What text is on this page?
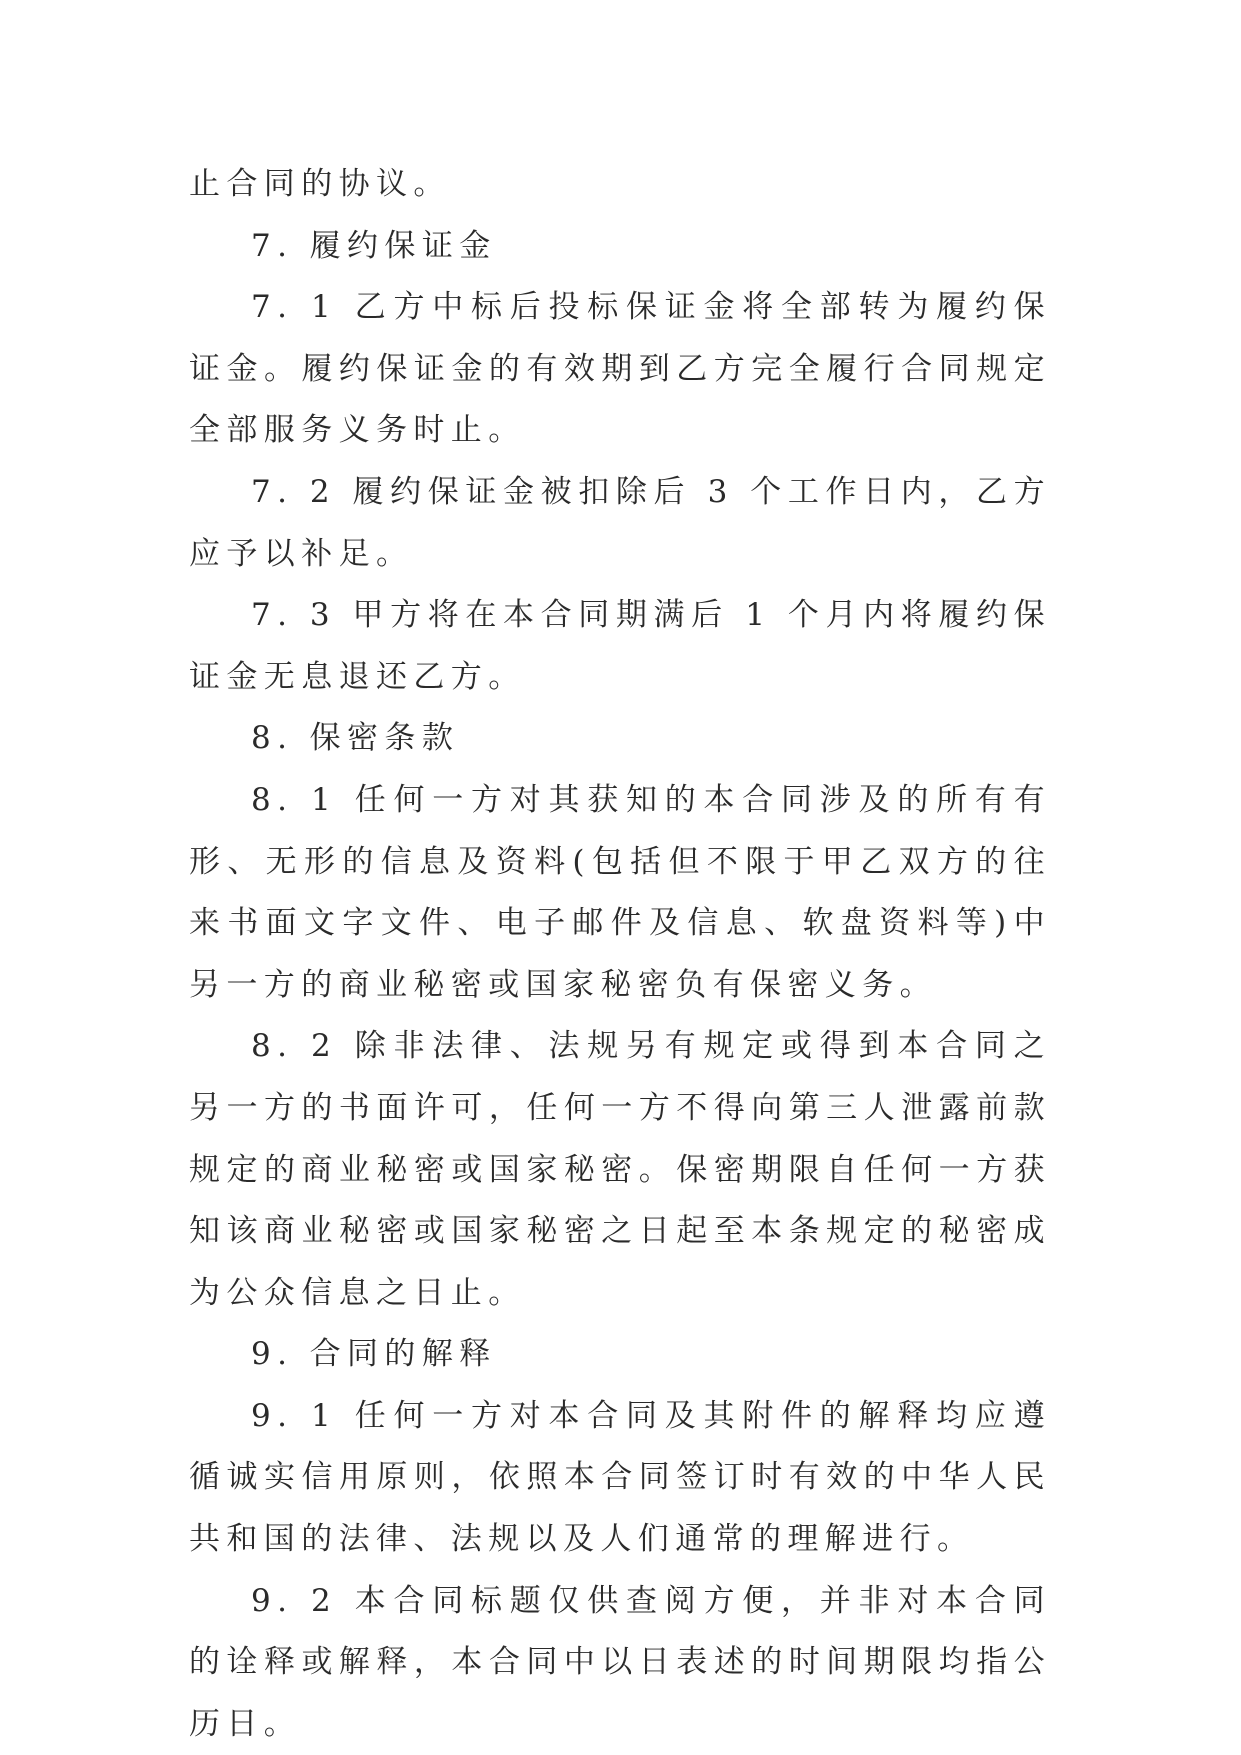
止合同的协议。

7. 履约保证金

7. 1 乙方中标后投标保证金将全部转为履约保证金。履约保证金的有效期到乙方完全履行合同规定全部服务义务时止。

7. 2 履约保证金被扣除后 3 个工作日内，乙方应予以补足。

7. 3 甲方将在本合同期满后 1 个月内将履约保证金无息退还乙方。

8. 保密条款

8. 1 任何一方对其获知的本合同涉及的所有有形、无形的信息及资料(包括但不限于甲乙双方的往来书面文字文件、电子邮件及信息、软盘资料等)中另一方的商业秘密或国家秘密负有保密义务。

8. 2 除非法律、法规另有规定或得到本合同之另一方的书面许可，任何一方不得向第三人泄露前款规定的商业秘密或国家秘密。保密期限自任何一方获知该商业秘密或国家秘密之日起至本条规定的秘密成为公众信息之日止。

9. 合同的解释

9. 1 任何一方对本合同及其附件的解释均应遵循诚实信用原则，依照本合同签订时有效的中华人民共和国的法律、法规以及人们通常的理解进行。

9. 2 本合同标题仅供查阅方便，并非对本合同的诠释或解释，本合同中以日表述的时间期限均指公历日。
